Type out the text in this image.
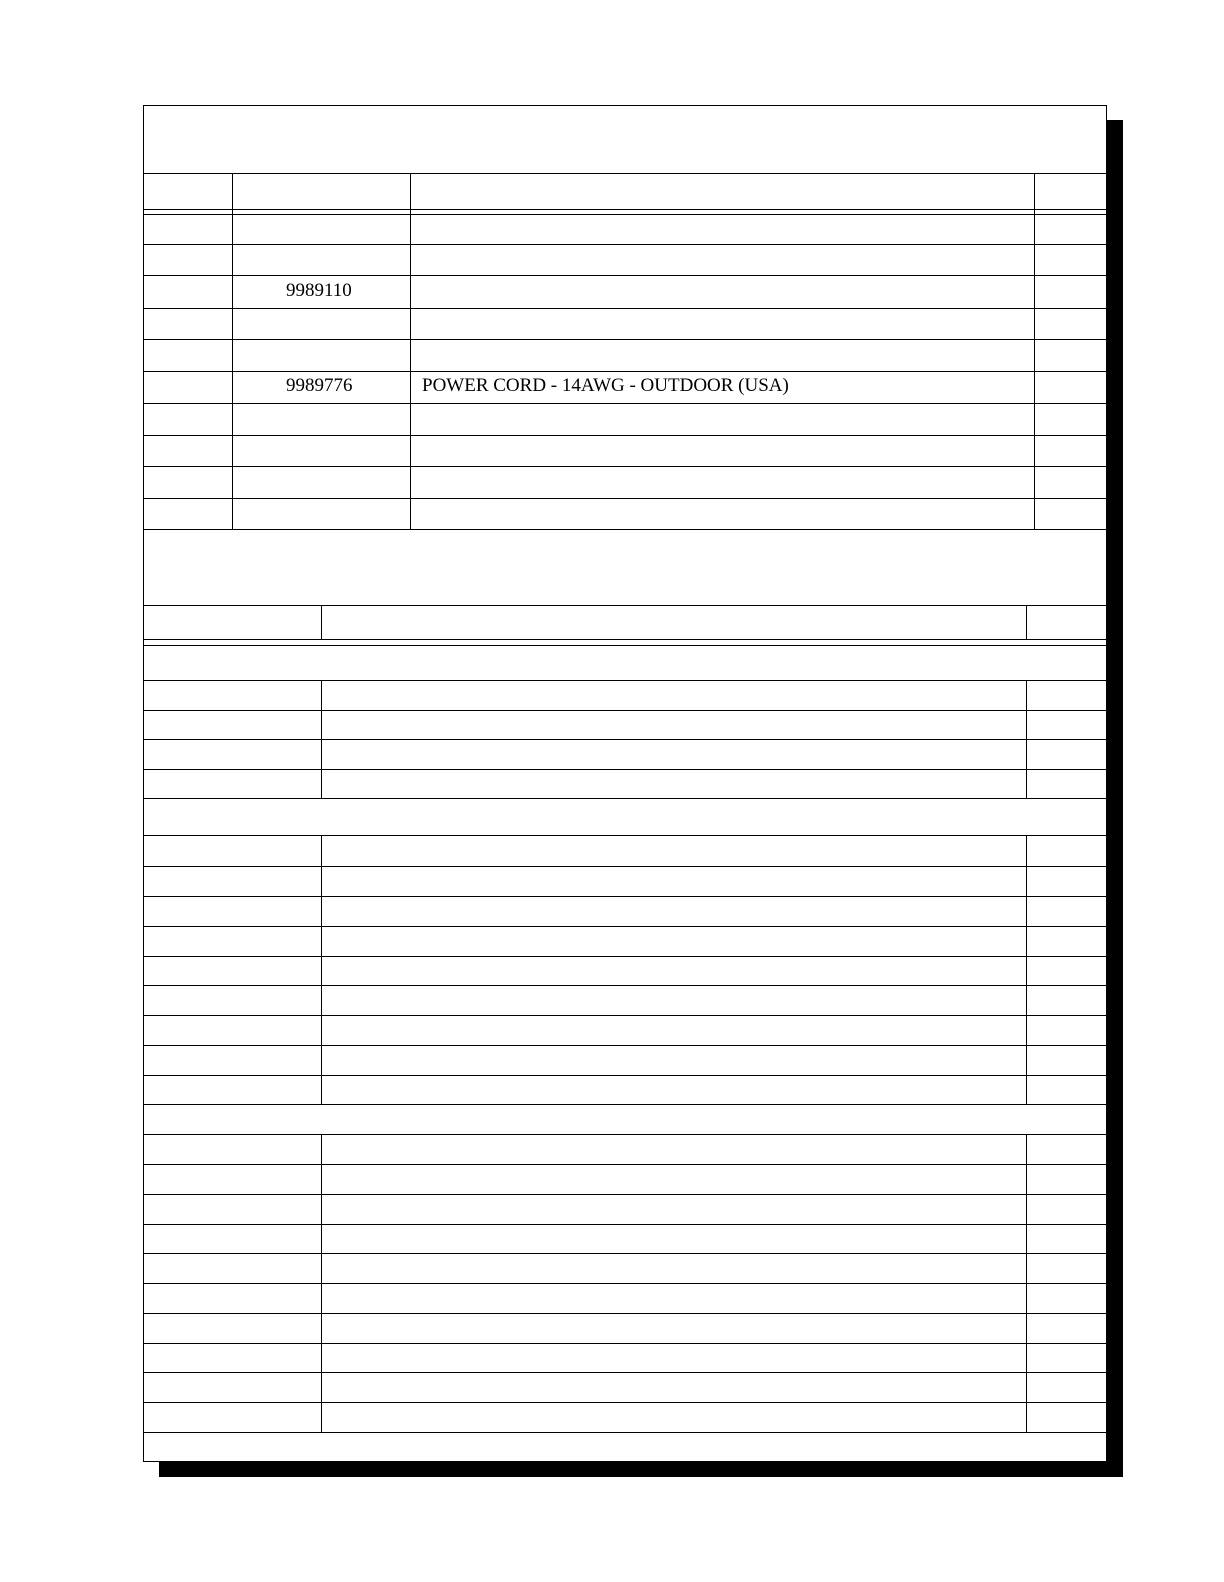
9989110
9989776	POWER CORD - 14AWG - OUTDOOR (USA)
